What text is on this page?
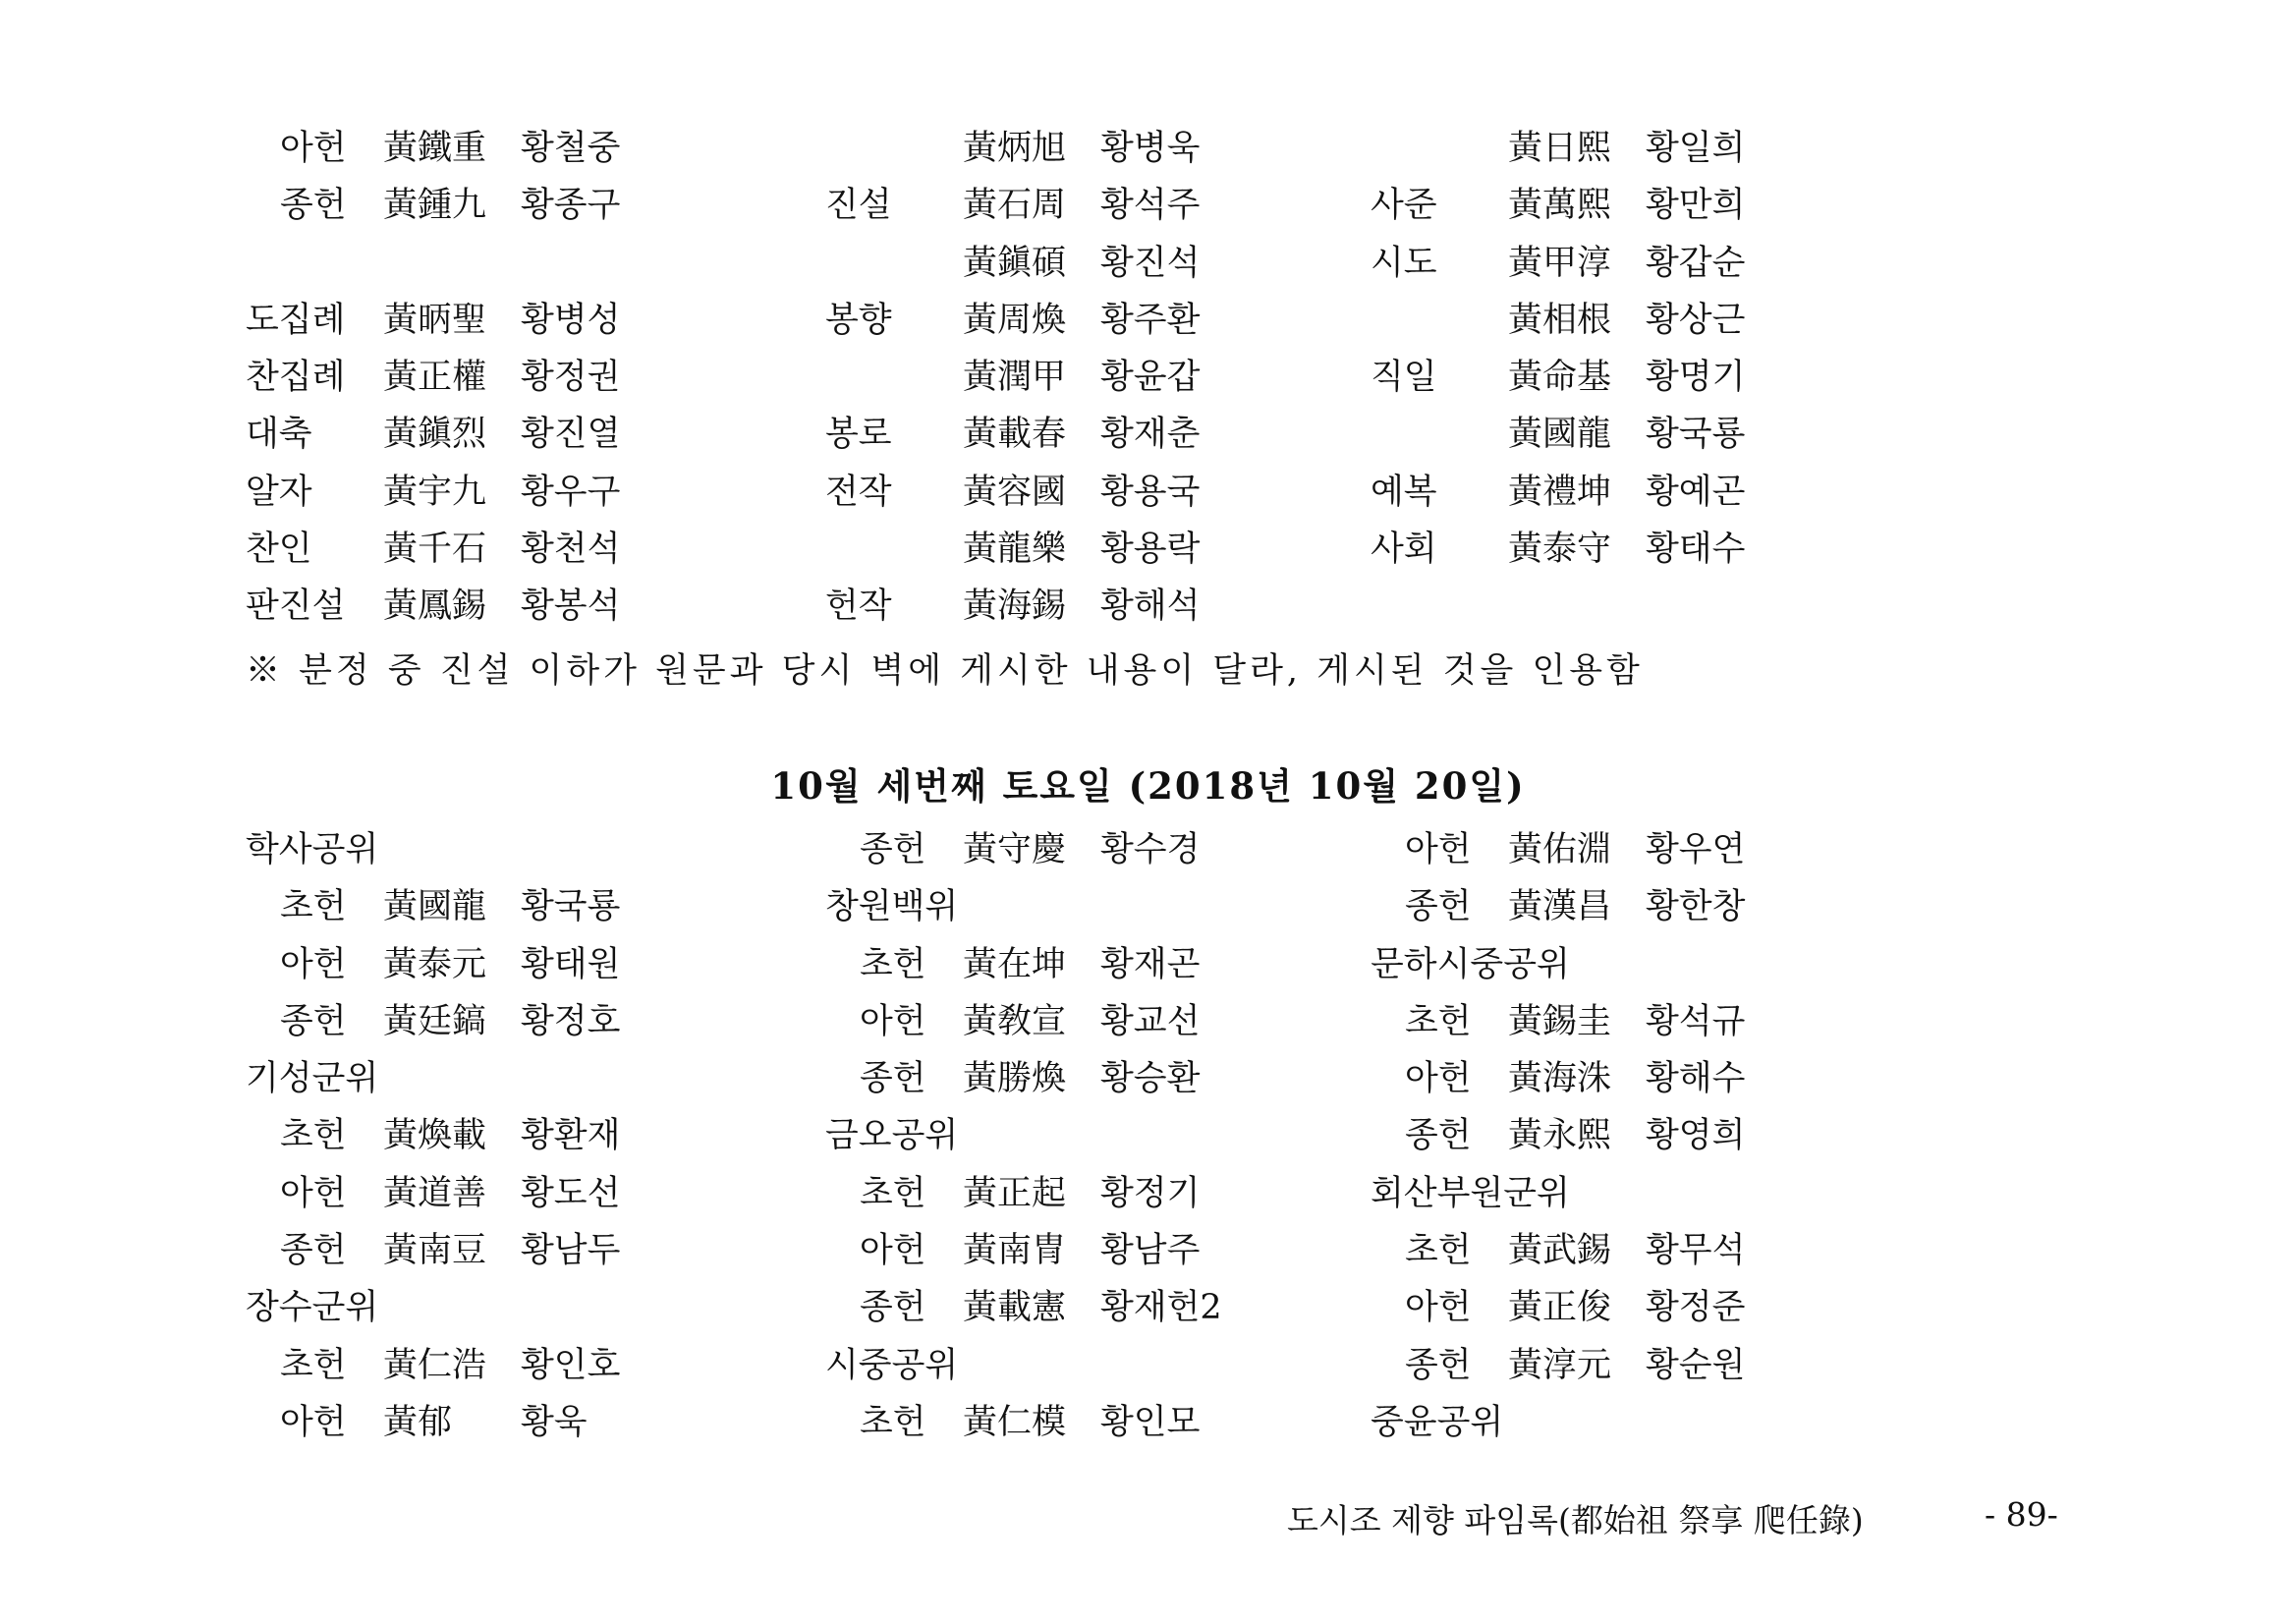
아헌 黃鐵重 황철중
종헌 黃鍾九 황종구
도집례 黃昞聖 황병성
찬집례 黃正權 황정권
대축 黃鎭烈 황진열
알자 黃宇九 황우구
찬인 黃千石 황천석
판진설 黃鳳錫 황봉석
黃炳旭 황병욱
진설 黃石周 황석주
黃鎭碩 황진석
봉향 黃周煥 황주환
黃潤甲 황윤갑
봉로 黃載春 황재춘
전작 黃容國 황용국
黃龍樂 황용락
헌작 黃海錫 황해석
黃日熙 황일희
사준 黃萬熙 황만희
시도 黃甲淳 황갑순
黃相根 황상근
직일 黃命基 황명기
黃國龍 황국룡
예복 黃禮坤 황예곤
사회 黃泰守 황태수
※ 분정 중 진설 이하가 원문과 당시 벽에 게시한 내용이 달라, 게시된 것을 인용함
10월 세번째 토요일 (2018년 10월 20일)
학사공위
초헌 黃國龍 황국룡
아헌 黃泰元 황태원
종헌 黃廷鎬 황정호
기성군위
초헌 黃煥載 황환재
아헌 黃道善 황도선
종헌 黃南豆 황남두
장수군위
초헌 黃仁浩 황인호
아헌 黃郁 황욱
종헌 黃守慶 황수경
창원백위
초헌 黃在坤 황재곤
아헌 黃敎宣 황교선
종헌 黃勝煥 황승환
금오공위
초헌 黃正起 황정기
아헌 黃南冑 황남주
종헌 黃載憲 황재헌2
시중공위
초헌 黃仁模 황인모
아헌 黃佑淵 황우연
종헌 黃漢昌 황한창
문하시중공위
초헌 黃錫圭 황석규
아헌 黃海洙 황해수
종헌 黃永熙 황영희
회산부원군위
초헌 黃武錫 황무석
아헌 黃正俊 황정준
종헌 黃淳元 황순원
중윤공위
도시조 제향 파임록(都始祖 祭享 爬任錄)	- 89-
